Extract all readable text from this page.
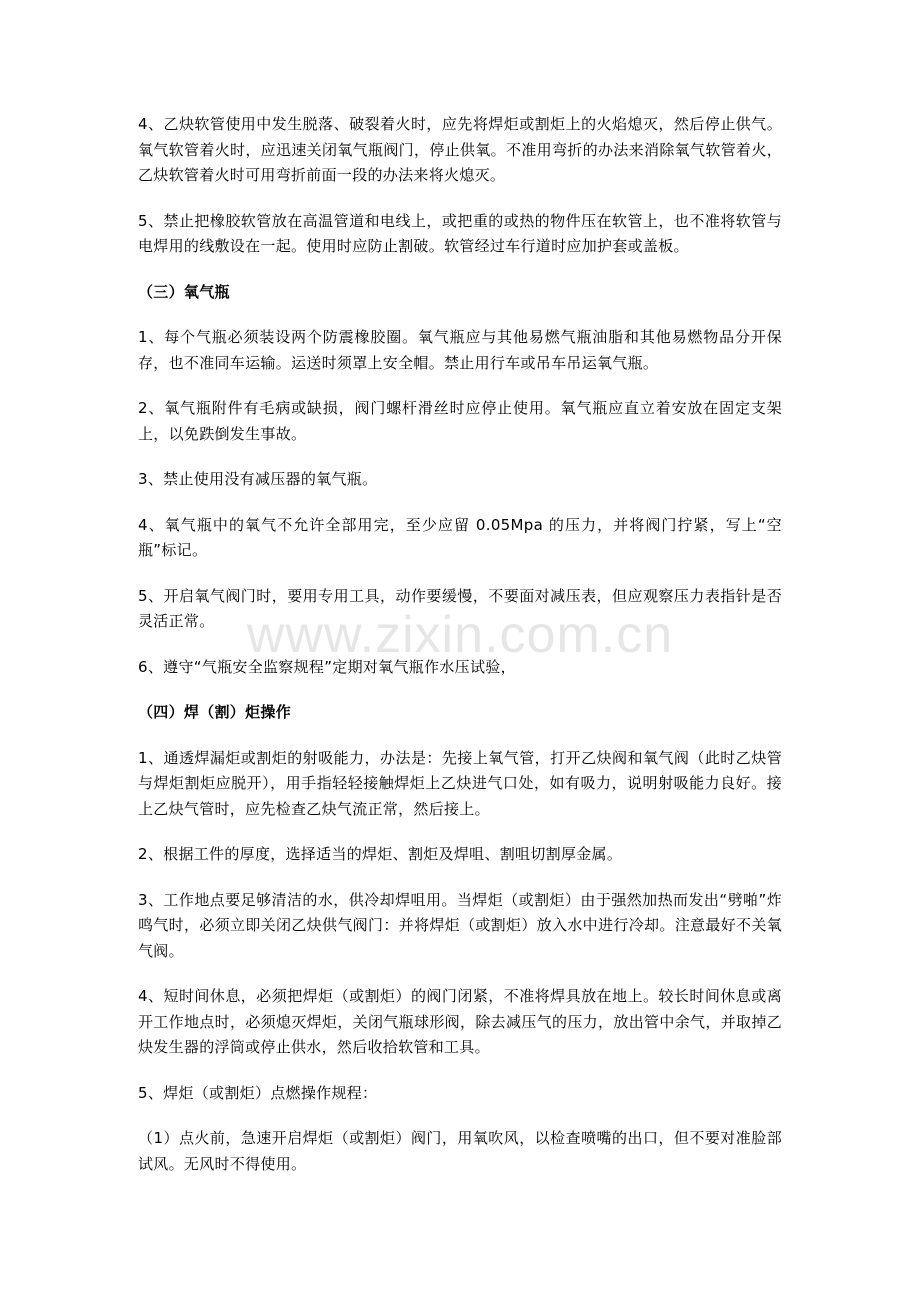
4、乙炔软管使用中发生脱落、破裂着火时，应先将焊炬或割炬上的火焰熄灭，然后停止供气。氧气软管着火时，应迅速关闭氧气瓶阀门，停止供氧。不准用弯折的办法来消除氧气软管着火，乙炔软管着火时可用弯折前面一段的办法来将火熄灭。

5、禁止把橡胶软管放在高温管道和电线上，或把重的或热的物件压在软管上，也不准将软管与电焊用的线敷设在一起。使用时应防止割破。软管经过车行道时应加护套或盖板。

（三）氧气瓶

1、每个气瓶必须装设两个防震橡胶圈。氧气瓶应与其他易燃气瓶油脂和其他易燃物品分开保存，也不准同车运输。运送时须罩上安全帽。禁止用行车或吊车吊运氧气瓶。

2、氧气瓶附件有毛病或缺损，阀门螺杆滑丝时应停止使用。氧气瓶应直立着安放在固定支架上，以免跌倒发生事故。

3、禁止使用没有减压器的氧气瓶。

4、氧气瓶中的氧气不允许全部用完，至少应留 0.05Mpa 的压力，并将阀门拧紧，写上“空瓶”标记。

5、开启氧气阀门时，要用专用工具，动作要缓慢，不要面对减压表，但应观察压力表指针是否灵活正常。

6、遵守“气瓶安全监察规程”定期对氧气瓶作水压试验，

（四）焊（割）炬操作

1、通透焊漏炬或割炬的射吸能力，办法是：先接上氧气管，打开乙炔阀和氧气阀（此时乙炔管与焊炬割炬应脱开），用手指轻轻接触焊炬上乙炔进气口处，如有吸力，说明射吸能力良好。接上乙炔气管时，应先检查乙炔气流正常，然后接上。

2、根据工件的厚度，选择适当的焊炬、割炬及焊咀、割咀切割厚金属。

3、工作地点要足够清洁的水，供冷却焊咀用。当焊炬（或割炬）由于强然加热而发出“劈啪”炸鸣气时，必须立即关闭乙炔供气阀门：并将焊炬（或割炬）放入水中进行冷却。注意最好不关氧气阀。

4、短时间休息，必须把焊炬（或割炬）的阀门闭紧，不准将焊具放在地上。较长时间休息或离开工作地点时，必须熄灭焊炬，关闭气瓶球形阀，除去减压气的压力，放出管中余气，并取掉乙炔发生器的浮筒或停止供水，然后收拾软管和工具。

5、焊炬（或割炬）点燃操作规程：

（1）点火前，急速开启焊炬（或割炬）阀门，用氧吹风，以检查喷嘴的出口，但不要对准脸部试风。无风时不得使用。

www.zixin.com.cn
